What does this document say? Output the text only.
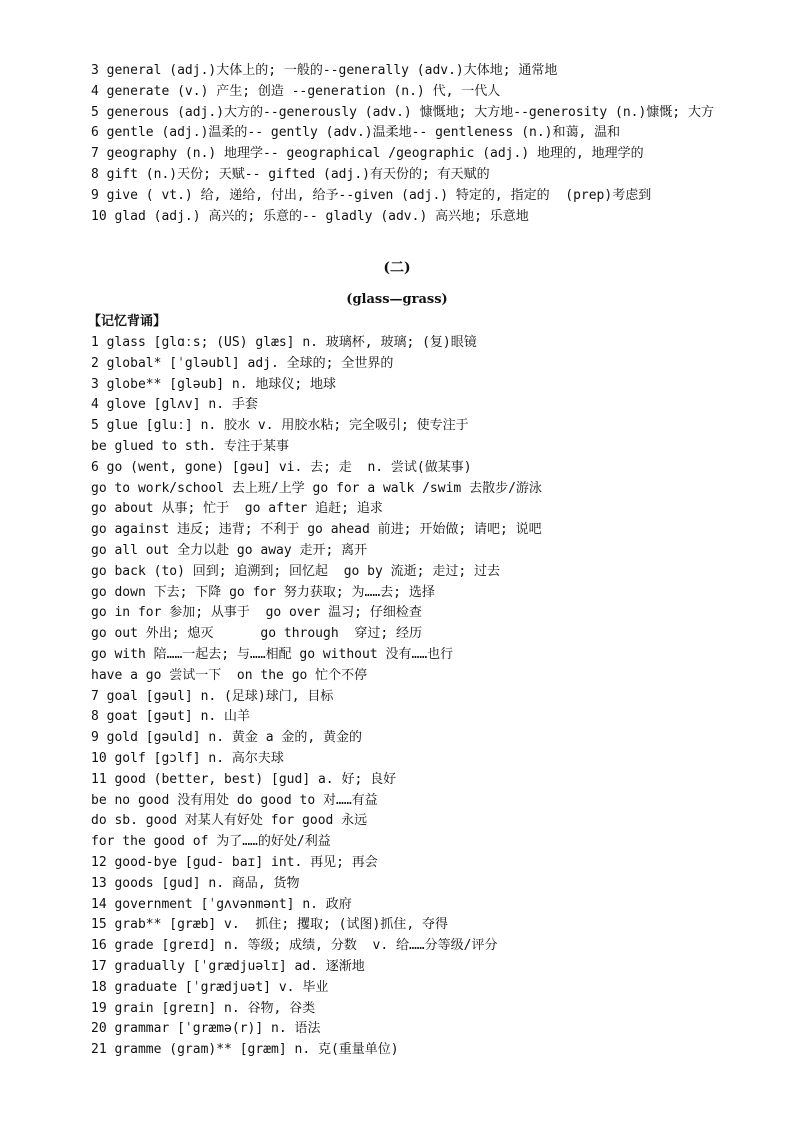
3 general (adj.)大体上的; 一般的--generally (adv.)大体地; 通常地
4 generate (v.) 产生; 创造 --generation (n.) 代, 一代人
5 generous (adj.)大方的--generously (adv.) 慷慨地; 大方地--generosity (n.)慷慨; 大方
6 gentle (adj.)温柔的-- gently (adv.)温柔地-- gentleness (n.)和蔼, 温和
7 geography (n.) 地理学-- geographical /geographic (adj.) 地理的, 地理学的
8 gift (n.)天份; 天赋-- gifted (adj.)有天份的; 有天赋的
9 give ( vt.) 给, 递给, 付出, 给予--given (adj.) 特定的, 指定的  (prep)考虑到
10 glad (adj.) 高兴的; 乐意的-- gladly (adv.) 高兴地; 乐意地
(二)
(glass—grass)
【记忆背诵】
1 glass [glɑːs; (US) glæs] n. 玻璃杯, 玻璃; (复)眼镜
2 global* [ˈgləubl] adj. 全球的; 全世界的
3 globe** [gləub] n. 地球仪; 地球
4 glove [glʌv] n. 手套
5 glue [gluː] n. 胶水 v. 用胶水粘; 完全吸引; 使专注于
be glued to sth. 专注于某事
6 go (went, gone) [gəu] vi. 去; 走  n. 尝试(做某事)
go to work/school 去上班/上学 go for a walk /swim 去散步/游泳
go about 从事; 忙于  go after 追赶; 追求
go against 违反; 违背; 不利于 go ahead 前进; 开始做; 请吧; 说吧
go all out 全力以赴 go away 走开; 离开
go back (to) 回到; 追溯到; 回忆起  go by 流逝; 走过; 过去
go down 下去; 下降 go for 努力获取; 为……去; 选择
go in for 参加; 从事于  go over 温习; 仔细检查
go out 外出; 熄灭      go through  穿过; 经历
go with 陪……一起去; 与……相配 go without 没有……也行
have a go 尝试一下  on the go 忙个不停
7 goal [gəul] n. (足球)球门, 目标
8 goat [gəut] n. 山羊
9 gold [gəuld] n. 黄金 a 金的, 黄金的
10 golf [gɔlf] n. 高尔夫球
11 good (better, best) [gud] a. 好; 良好
be no good 没有用处 do good to 对……有益
do sb. good 对某人有好处 for good 永远
for the good of 为了……的好处/利益
12 good-bye [gud- baɪ] int. 再见; 再会
13 goods [gud] n. 商品, 货物
14 government [ˈgʌvənmənt] n. 政府
15 grab** [græb] v.  抓住; 攫取; (试图)抓住, 夺得
16 grade [greɪd] n. 等级; 成绩, 分数  v. 给……分等级/评分
17 gradually [ˈgrædjuəlɪ] ad. 逐渐地
18 graduate [ˈgrædjuət] v. 毕业
19 grain [greɪn] n. 谷物, 谷类
20 grammar [ˈgræmə(r)] n. 语法
21 gramme (gram)** [græm] n. 克(重量单位)
